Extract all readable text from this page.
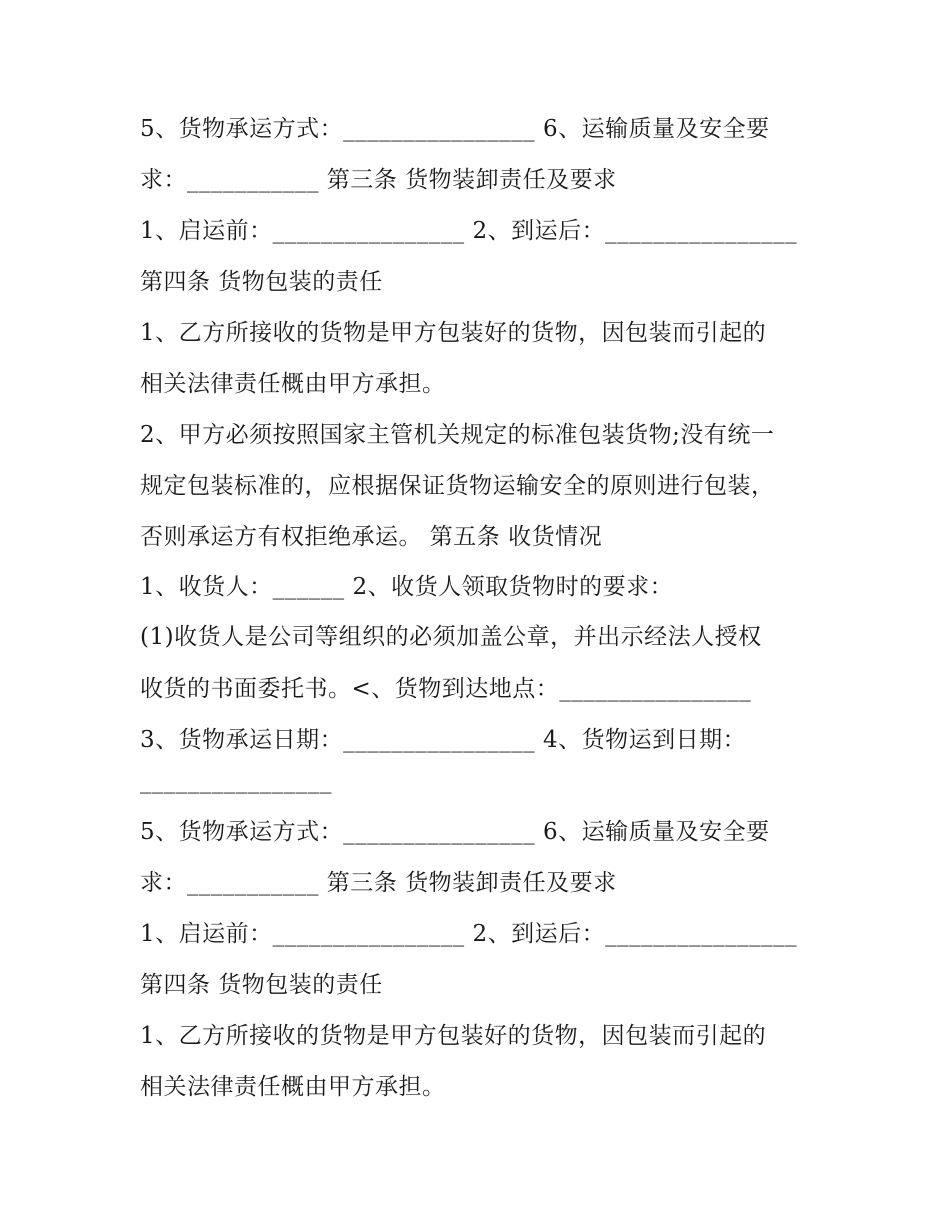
5、货物承运方式：________________ 6、运输质量及安全要
求：___________ 第三条 货物装卸责任及要求
1、启运前：________________ 2、到运后：________________
第四条 货物包装的责任
1、乙方所接收的货物是甲方包装好的货物，因包装而引起的
相关法律责任概由甲方承担。
2、甲方必须按照国家主管机关规定的标准包装货物;没有统一
规定包装标准的，应根据保证货物运输安全的原则进行包装，
否则承运方有权拒绝承运。 第五条 收货情况
1、收货人：______ 2、收货人领取货物时的要求：
(1)收货人是公司等组织的必须加盖公章，并出示经法人授权
收货的书面委托书。<、货物到达地点：________________
3、货物承运日期：________________ 4、货物运到日期：
________________
5、货物承运方式：________________ 6、运输质量及安全要
求：___________ 第三条 货物装卸责任及要求
1、启运前：________________ 2、到运后：________________
第四条 货物包装的责任
1、乙方所接收的货物是甲方包装好的货物，因包装而引起的
相关法律责任概由甲方承担。
